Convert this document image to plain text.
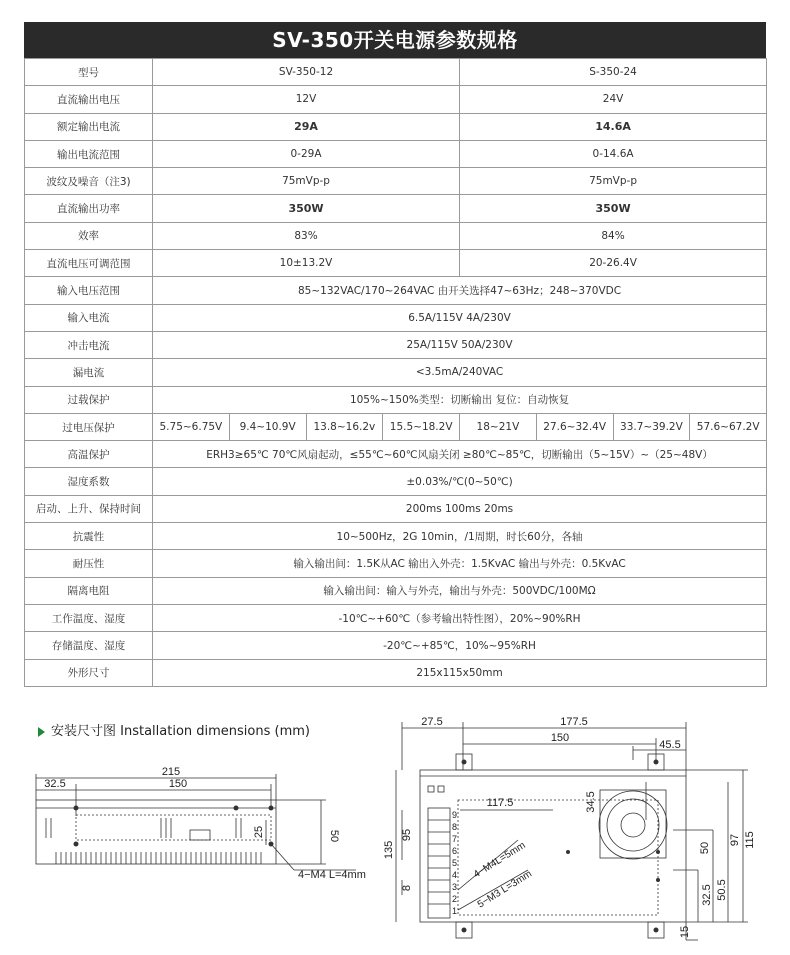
SV-350开关电源参数规格
型号	SV-350-12				S-350-24			
直流输出电压	12V				24V			
额定输出电流	29A				14.6A			
输出电流范围	0-29A				0-14.6A			
波纹及噪音（注3)	75mVp-p				75mVp-p			
直流输出功率	350W				350W			
效率	83%				84%			
直流电压可调范围	10±13.2V				20-26.4V			
输入电压范围	85~132VAC/170~264VAC 由开关选择47~63Hz；248~370VDC							
输入电流	6.5A/115V 4A/230V							
冲击电流	25A/115V 50A/230V							
漏电流	<3.5mA/240VAC							
过载保护	105%~150%类型：切断输出 复位：自动恢复							
过电压保护	5.75~6.75V	9.4~10.9V	13.8~16.2v	15.5~18.2V	18~21V	27.6~32.4V	33.7~39.2V	57.6~67.2V
高温保护	ERH3≥65℃ 70℃风扇起动，≤55℃~60℃风扇关闭 ≥80℃~85℃，切断输出（5~15V）~（25~48V）							
湿度系数	±0.03%/℃(0~50℃)							
启动、上升、保持时间	200ms 100ms 20ms							
抗震性	10~500Hz，2G 10min，/1周期，时长60分，各轴							
耐压性	输入输出间：1.5K从AC 输出入外壳：1.5KvAC 输出与外壳：0.5KvAC							
隔离电阻	输入输出间：输入与外壳，输出与外壳：500VDC/100MΩ							
工作温度、湿度	-10℃~+60℃（参考输出特性图），20%~90%RH							
存储温度、湿度	-20℃~+85℃，10%~95%RH							
外形尺寸	215x115x50mm							
安装尺寸图 Installation dimensions (mm)
215
32.5	150
50
25
4−M4 L=4mm
27.5	177.5
150
45.5
117.5	34.5
50
97 115
135
95
8	32.5 50.5
15
4−M4L=5mm
5−M3 L=3mm
9
8
7
6
5
4
3
2
1
